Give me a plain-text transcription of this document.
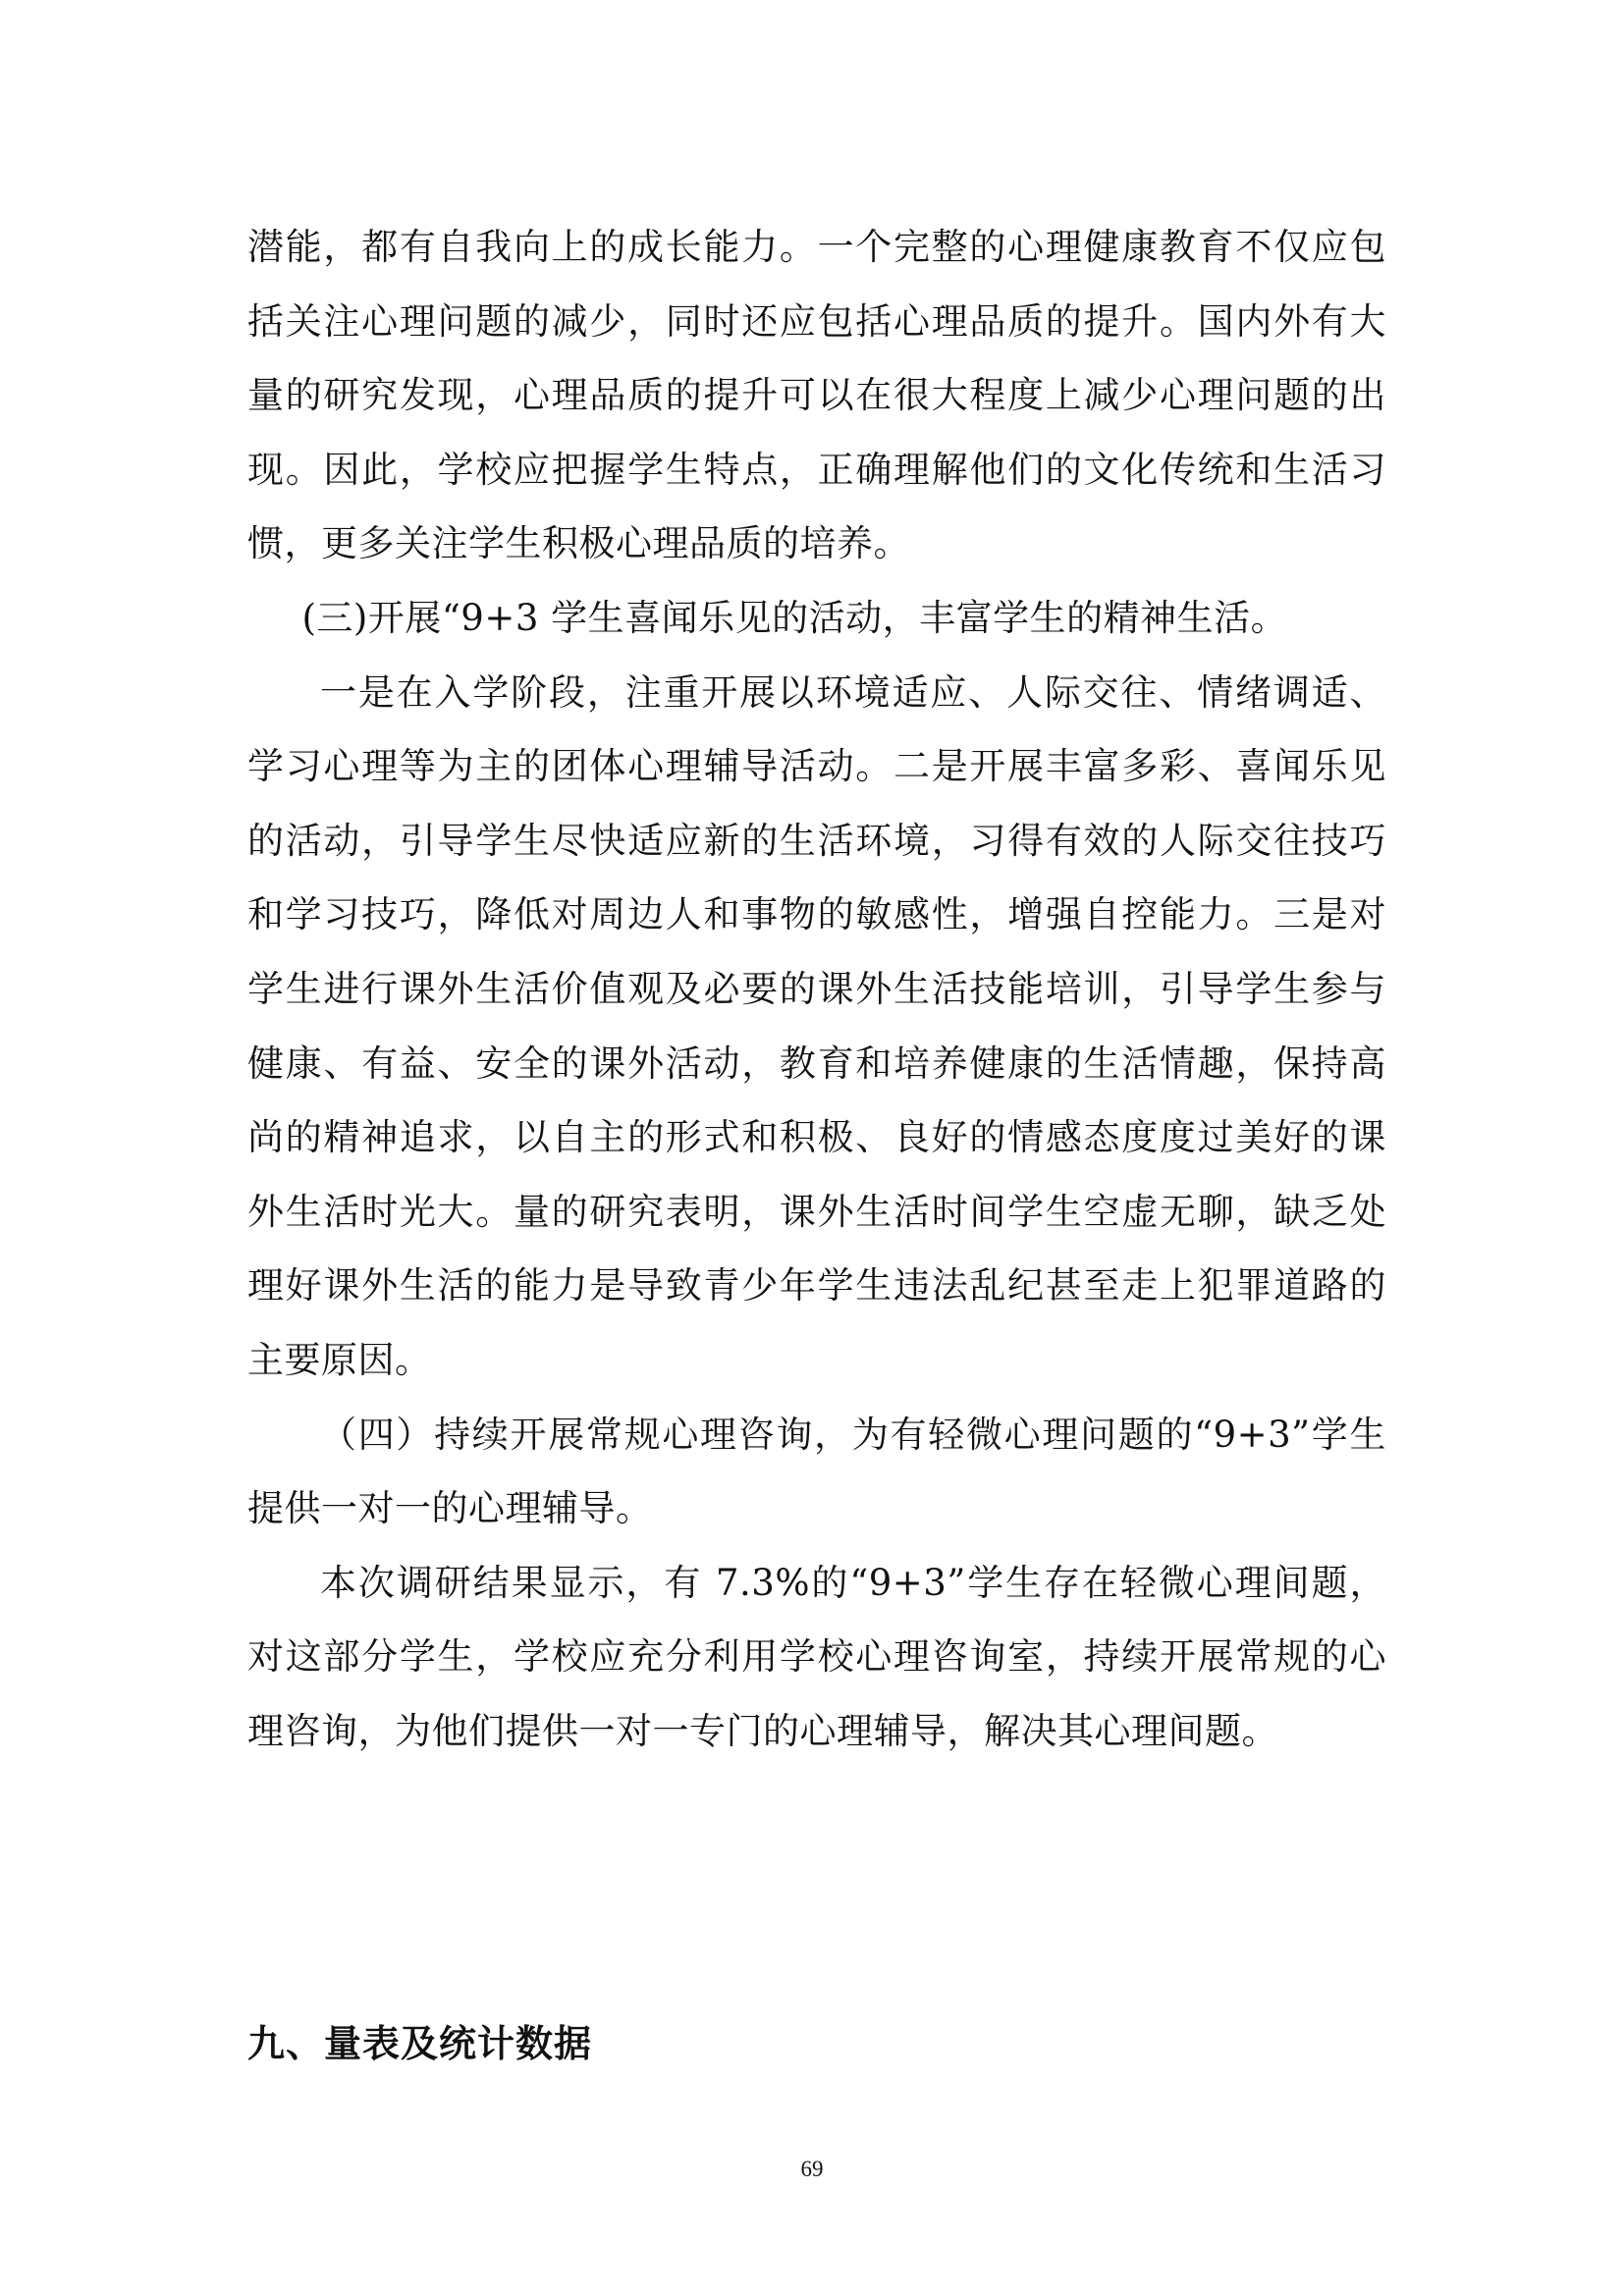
潜能，都有自我向上的成长能力。一个完整的心理健康教育不仅应包括关注心理问题的减少，同时还应包括心理品质的提升。国内外有大量的研究发现，心理品质的提升可以在很大程度上减少心理问题的出现。因此，学校应把握学生特点，正确理解他们的文化传统和生活习惯，更多关注学生积极心理品质的培养。

(三)开展“9+3 学生喜闻乐见的活动，丰富学生的精神生活。

一是在入学阶段，注重开展以环境适应、人际交往、情绪调适、学习心理等为主的团体心理辅导活动。二是开展丰富多彩、喜闻乐见的活动，引导学生尽快适应新的生活环境，习得有效的人际交往技巧和学习技巧，降低对周边人和事物的敏感性，增强自控能力。三是对学生进行课外生活价值观及必要的课外生活技能培训，引导学生参与健康、有益、安全的课外活动，教育和培养健康的生活情趣，保持高尚的精神追求，以自主的形式和积极、良好的情感态度度过美好的课外生活时光大。量的研究表明，课外生活时间学生空虚无聊，缺乏处理好课外生活的能力是导致青少年学生违法乱纪甚至走上犯罪道路的主要原因。

（四）持续开展常规心理咨询，为有轻微心理问题的“9+3”学生提供一对一的心理辅导。

本次调研结果显示，有 7.3%的“9+3”学生存在轻微心理间题，对这部分学生，学校应充分利用学校心理咨询室，持续开展常规的心理咨询，为他们提供一对一专门的心理辅导，解决其心理间题。

九、量表及统计数据
69
